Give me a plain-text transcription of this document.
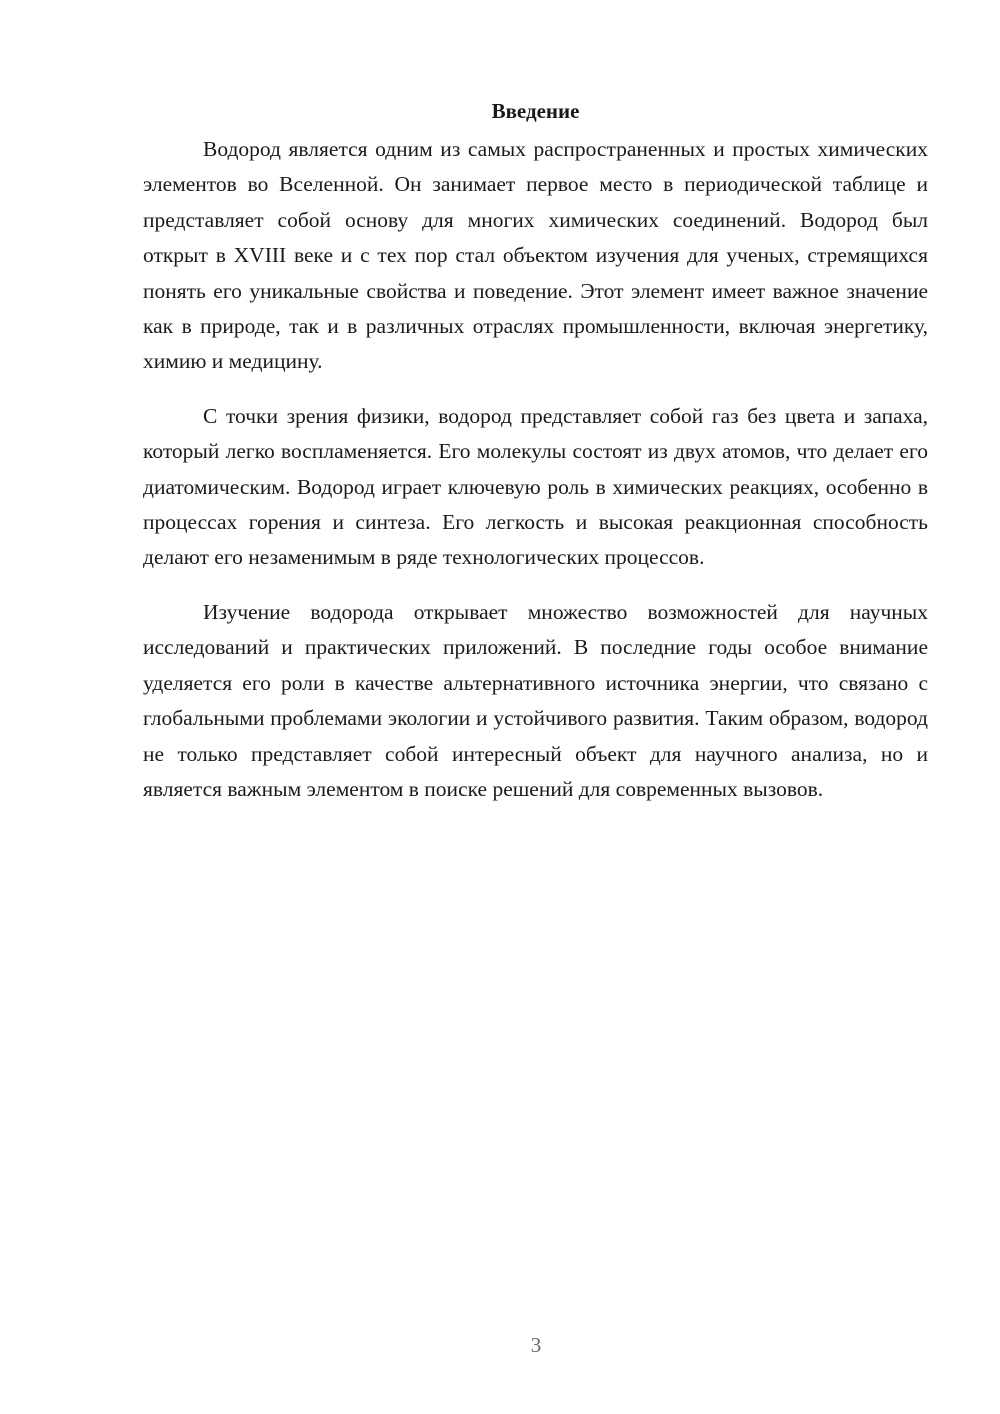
Введение

Водород является одним из самых распространенных и простых химических элементов во Вселенной. Он занимает первое место в периодической таблице и представляет собой основу для многих химических соединений. Водород был открыт в XVIII веке и с тех пор стал объектом изучения для ученых, стремящихся понять его уникальные свойства и поведение. Этот элемент имеет важное значение как в природе, так и в различных отраслях промышленности, включая энергетику, химию и медицину.

С точки зрения физики, водород представляет собой газ без цвета и запаха, который легко воспламеняется. Его молекулы состоят из двух атомов, что делает его диатомическим. Водород играет ключевую роль в химических реакциях, особенно в процессах горения и синтеза. Его легкость и высокая реакционная способность делают его незаменимым в ряде технологических процессов.

Изучение водорода открывает множество возможностей для научных исследований и практических приложений. В последние годы особое внимание уделяется его роли в качестве альтернативного источника энергии, что связано с глобальными проблемами экологии и устойчивого развития. Таким образом, водород не только представляет собой интересный объект для научного анализа, но и является важным элементом в поиске решений для современных вызовов.

3
